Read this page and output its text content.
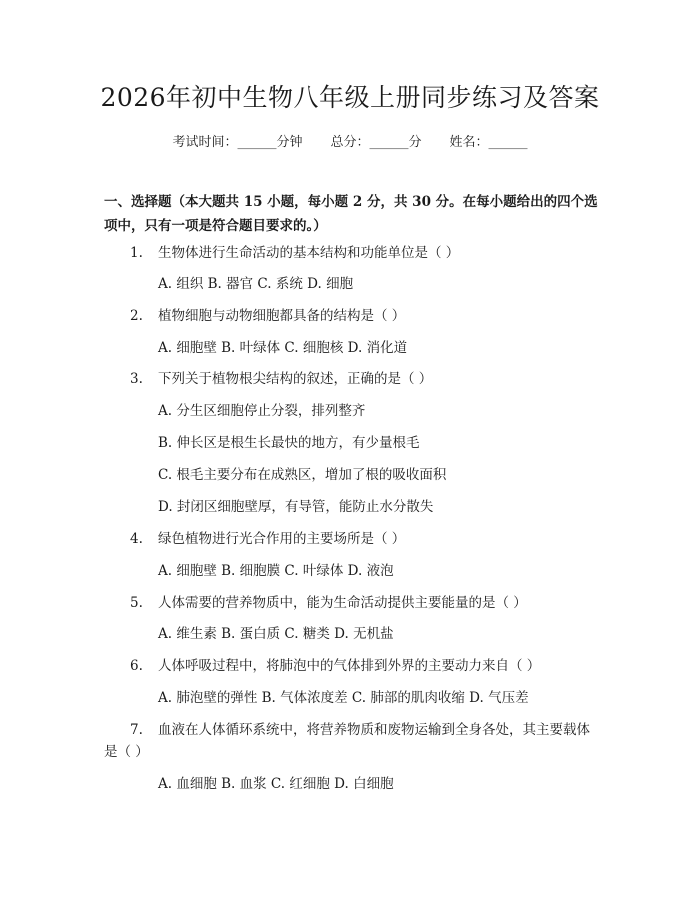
2026年初中生物八年级上册同步练习及答案
考试时间：______分钟 总分：______分 姓名：______
一、选择题（本大题共 15 小题，每小题 2 分，共 30 分。在每小题给出的四个选
项中，只有一项是符合题目要求的。）
1. 生物体进行生命活动的基本结构和功能单位是（ ）
A. 组织 B. 器官 C. 系统 D. 细胞
2. 植物细胞与动物细胞都具备的结构是（ ）
A. 细胞壁 B. 叶绿体 C. 细胞核 D. 消化道
3. 下列关于植物根尖结构的叙述，正确的是（ ）
A. 分生区细胞停止分裂，排列整齐
B. 伸长区是根生长最快的地方，有少量根毛
C. 根毛主要分布在成熟区，增加了根的吸收面积
D. 封闭区细胞壁厚，有导管，能防止水分散失
4. 绿色植物进行光合作用的主要场所是（ ）
A. 细胞壁 B. 细胞膜 C. 叶绿体 D. 液泡
5. 人体需要的营养物质中，能为生命活动提供主要能量的是（ ）
A. 维生素 B. 蛋白质 C. 糖类 D. 无机盐
6. 人体呼吸过程中，将肺泡中的气体排到外界的主要动力来自（ ）
A. 肺泡壁的弹性 B. 气体浓度差 C. 肺部的肌肉收缩 D. 气压差
7. 血液在人体循环系统中，将营养物质和废物运输到全身各处，其主要载体
是（ ）
A. 血细胞 B. 血浆 C. 红细胞 D. 白细胞
